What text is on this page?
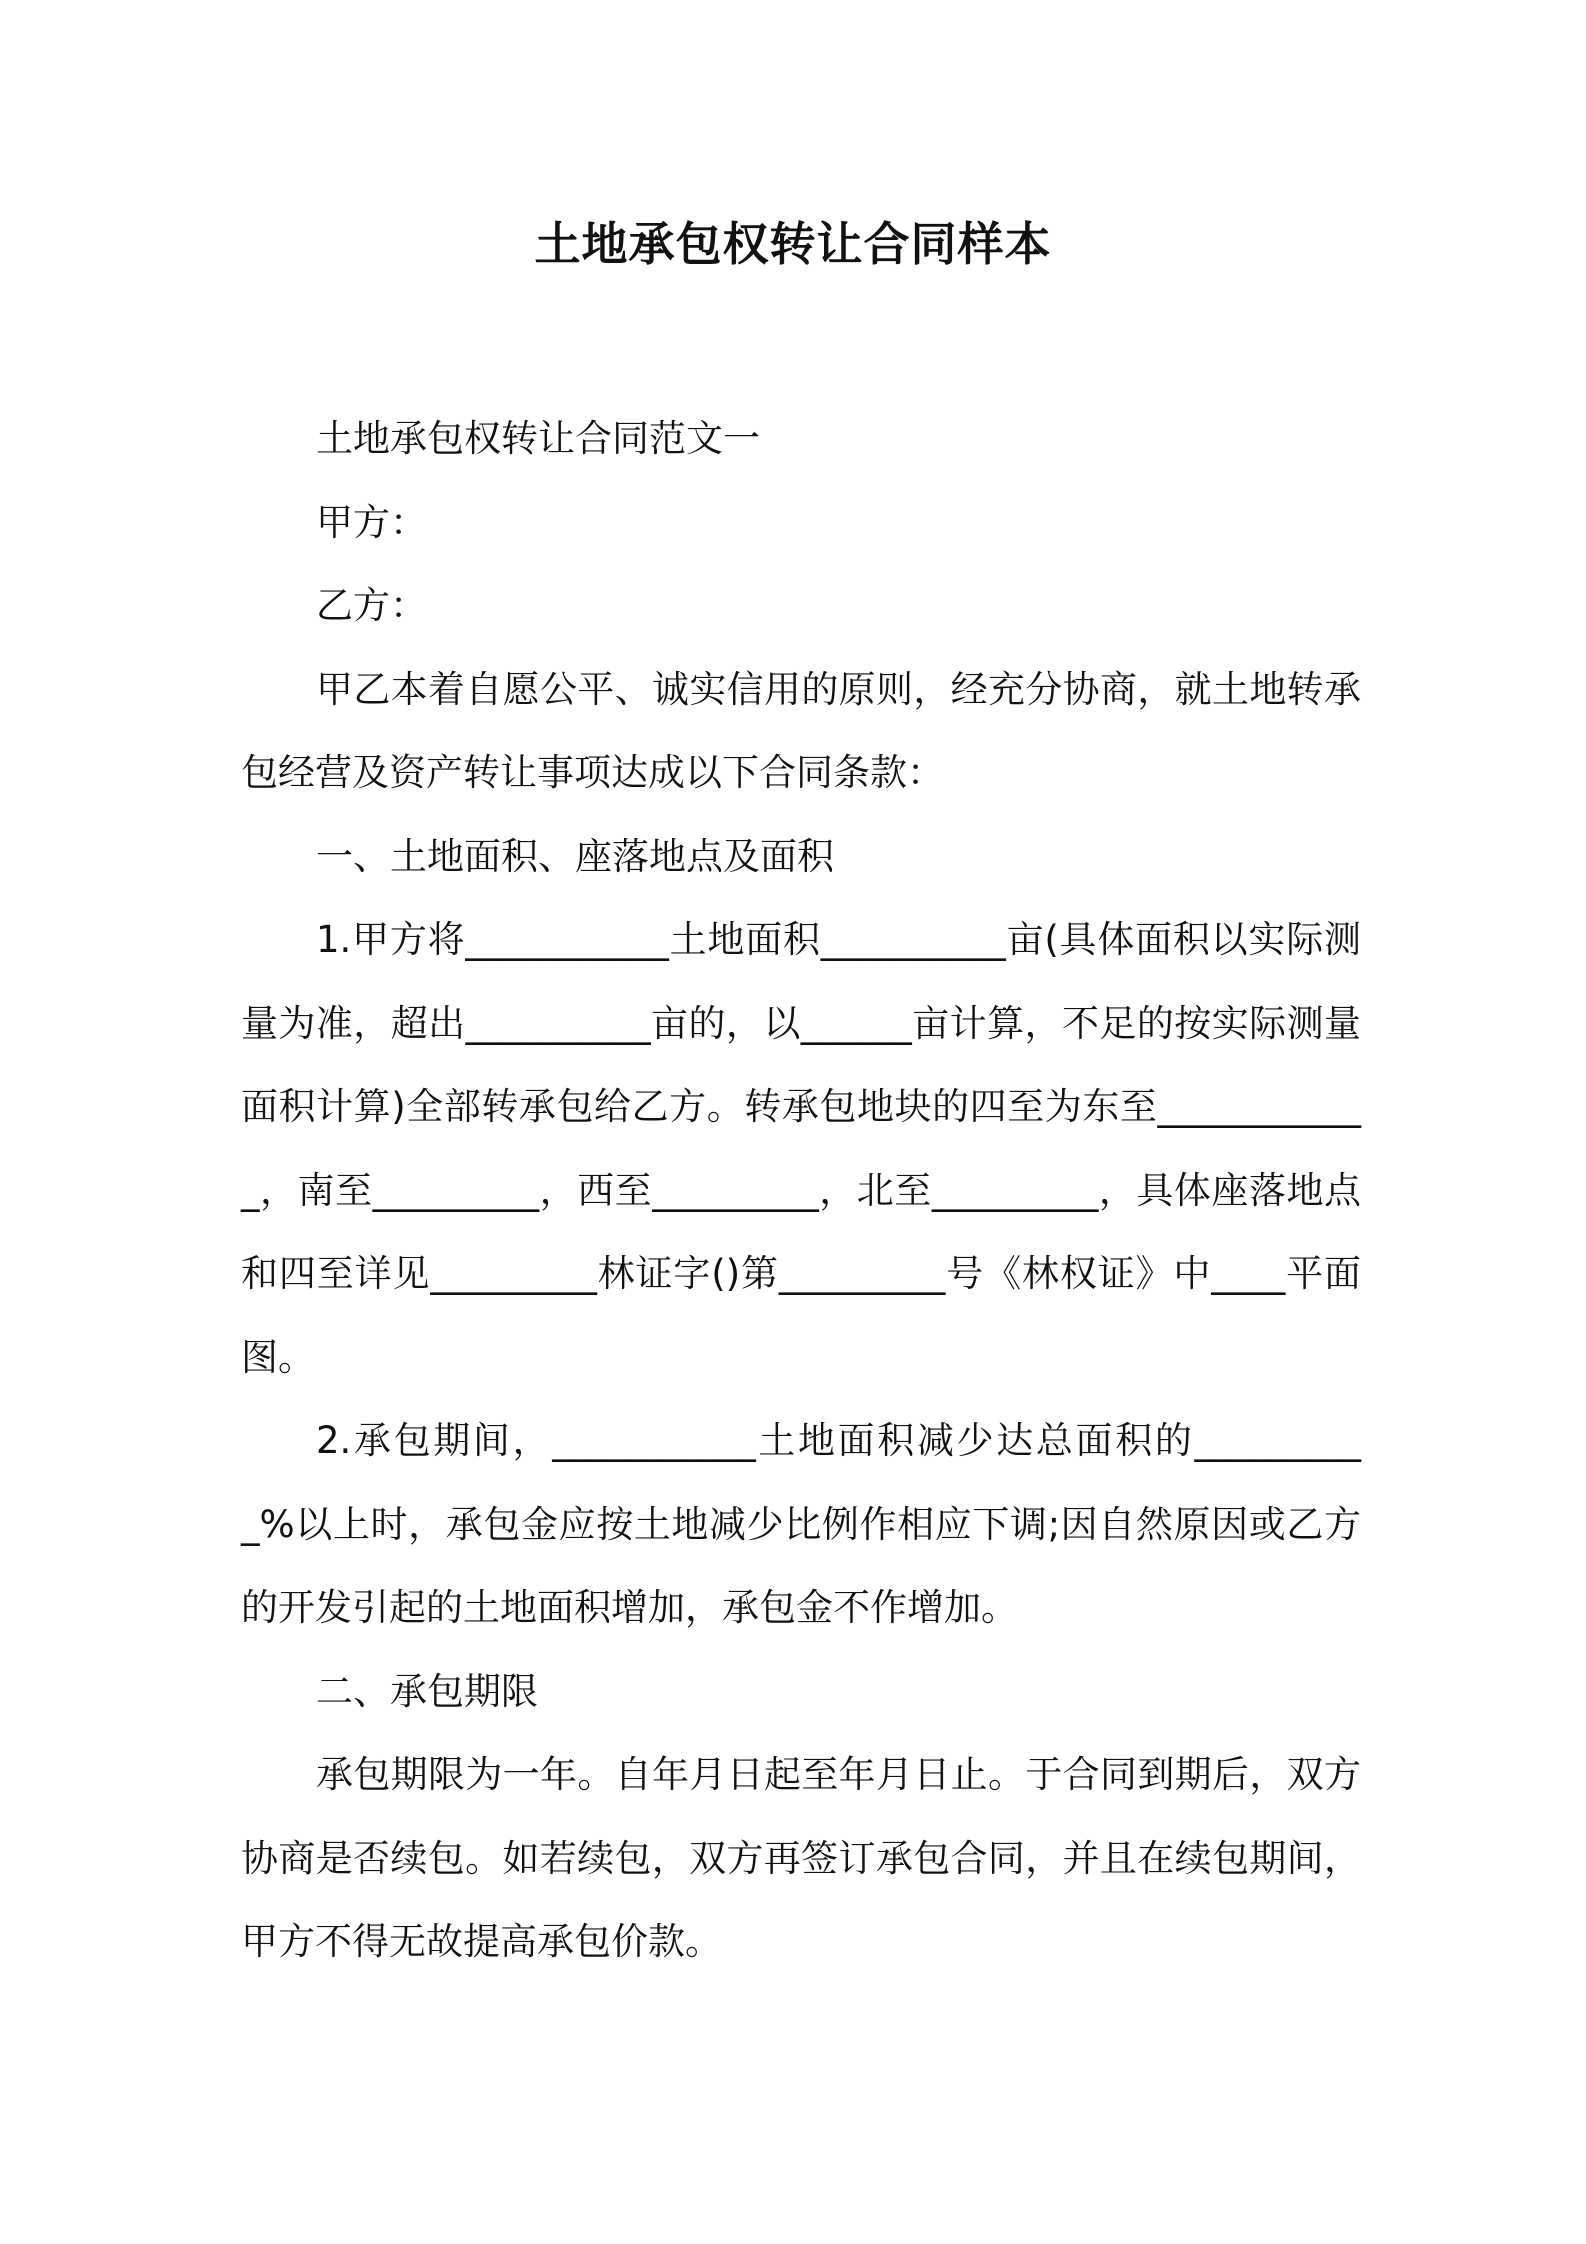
土地承包权转让合同样本

土地承包权转让合同范文一

甲方：

乙方：

甲乙本着自愿公平、诚实信用的原则，经充分协商，就土地转承包经营及资产转让事项达成以下合同条款：

一、土地面积、座落地点及面积

1.甲方将___________土地面积__________亩(具体面积以实际测量为准，超出__________亩的，以______亩计算，不足的按实际测量面积计算)全部转承包给乙方。转承包地块的四至为东至____________，南至_________，西至_________，北至_________，具体座落地点和四至详见_________林证字()第_________号《林权证》中____平面图。

2.承包期间，___________土地面积减少达总面积的__________%以上时，承包金应按土地减少比例作相应下调;因自然原因或乙方的开发引起的土地面积增加，承包金不作增加。

二、承包期限

承包期限为一年。自年月日起至年月日止。于合同到期后，双方协商是否续包。如若续包，双方再签订承包合同，并且在续包期间，甲方不得无故提高承包价款。
